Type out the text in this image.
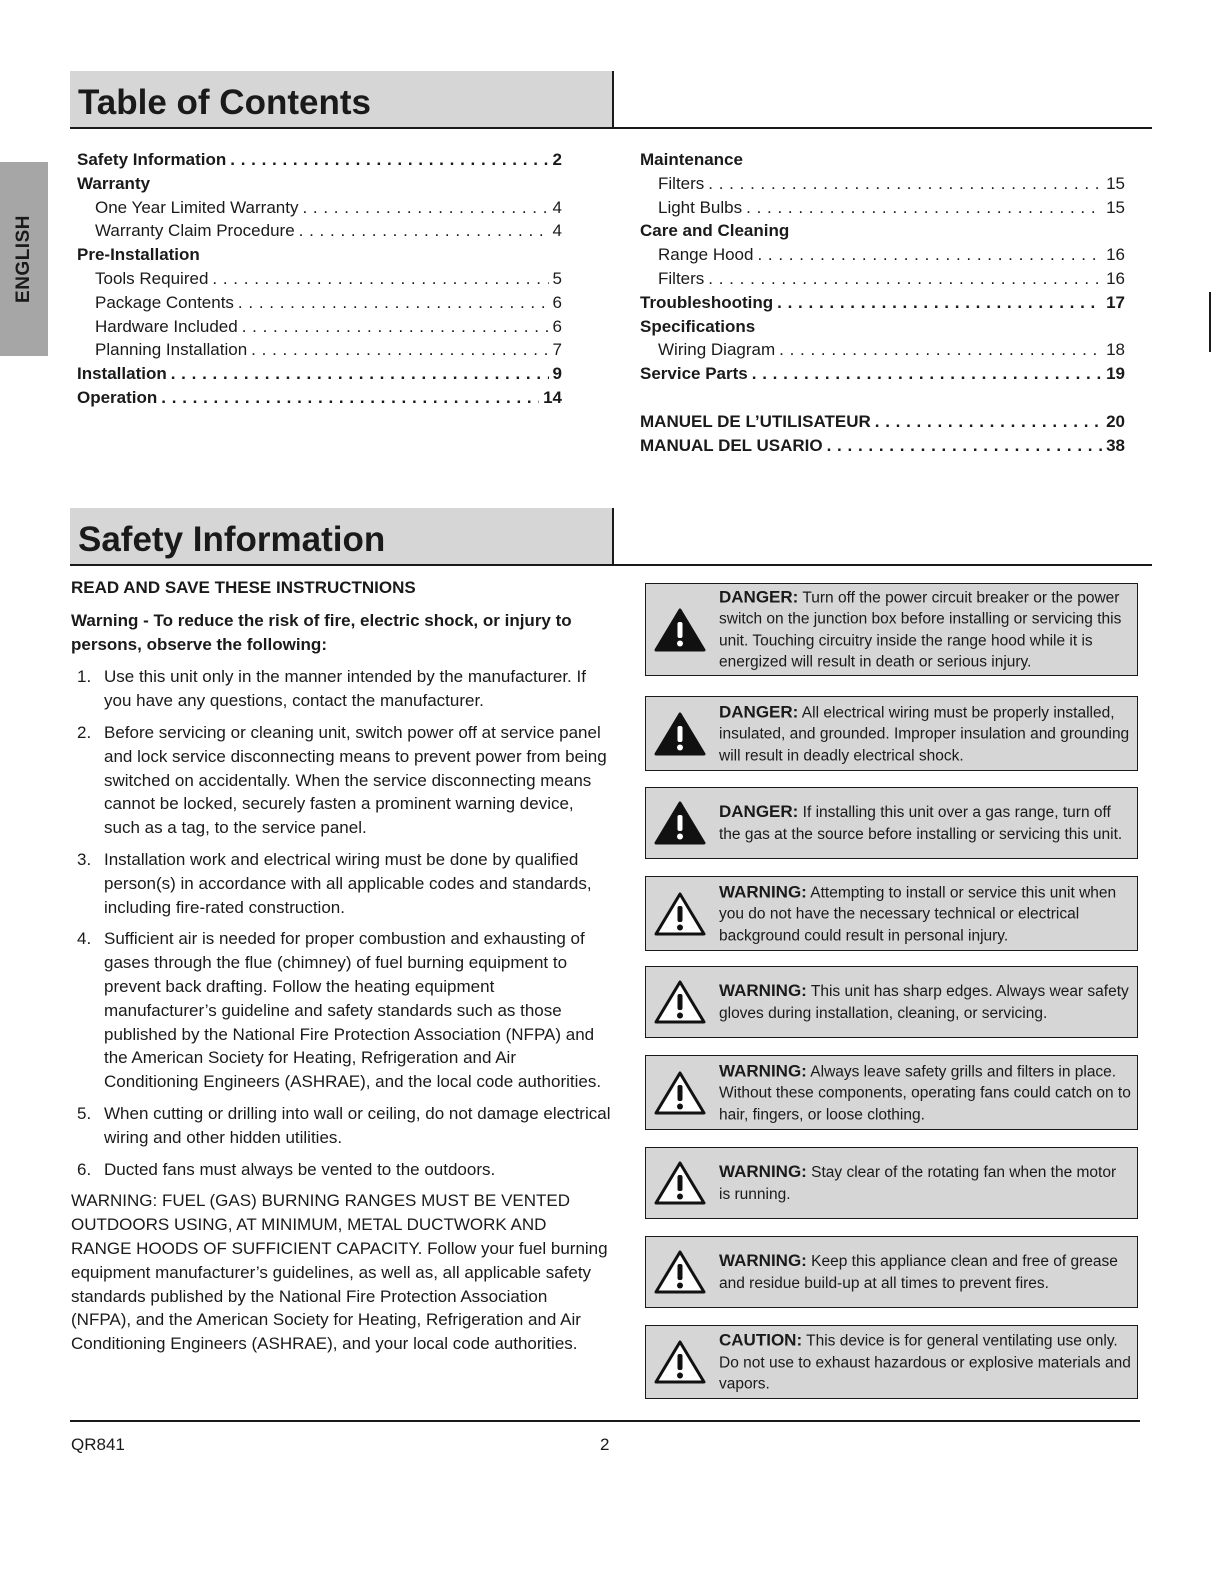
ENGLISH
Table of Contents
Safety Information . . .	2
Warranty
One Year Limited Warranty . . .	4
Warranty Claim Procedure . . .	4
Pre-Installation
Tools Required . . .	5
Package Contents . . .	6
Hardware Included . . .	6
Planning Installation . . .	7
Installation . . .	9
Operation . . .	14
Maintenance
Filters . . .	15
Light Bulbs . . .	15
Care and Cleaning
Range Hood . . .	16
Filters . . .	16
Troubleshooting . . .	17
Specifications
Wiring Diagram . . .	18
Service Parts . . .	19
MANUEL DE L’UTILISATEUR . . .	20
MANUAL DEL USARIO . . .	38
Safety Information

READ AND SAVE THESE INSTRUCTNIONS

Warning - To reduce the risk of fire, electric shock, or injury to persons, observe the following:

1. Use this unit only in the manner intended by the manufacturer. If you have any questions, contact the manufacturer.
2. Before servicing or cleaning unit, switch power off at service panel and lock service disconnecting means to prevent power from being switched on accidentally. When the service disconnecting means cannot be locked, securely fasten a prominent warning device, such as a tag, to the service panel.
3. Installation work and electrical wiring must be done by qualified person(s) in accordance with all applicable codes and standards, including fire-rated construction.
4. Sufficient air is needed for proper combustion and exhausting of gases through the flue (chimney) of fuel burning equipment to prevent back drafting. Follow the heating equipment manufacturer’s guideline and safety standards such as those published by the National Fire Protection Association (NFPA) and the American Society for Heating, Refrigeration and Air Conditioning Engineers (ASHRAE), and the local code authorities.
5. When cutting or drilling into wall or ceiling, do not damage electrical wiring and other hidden utilities.
6. Ducted fans must always be vented to the outdoors.

WARNING: FUEL (GAS) BURNING RANGES MUST BE VENTED OUTDOORS USING, AT MINIMUM, METAL DUCTWORK AND RANGE HOODS OF SUFFICIENT CAPACITY. Follow your fuel burning equipment manufacturer’s guidelines, as well as, all applicable safety standards published by the National Fire Protection Association (NFPA), and the American Society for Heating, Refrigeration and Air Conditioning Engineers (ASHRAE), and your local code authorities.

DANGER: Turn off the power circuit breaker or the power switch on the junction box before installing or servicing this unit. Touching circuitry inside the range hood while it is energized will result in death or serious injury.
DANGER: All electrical wiring must be properly installed, insulated, and grounded. Improper insulation and grounding will result in deadly electrical shock.
DANGER: If installing this unit over a gas range, turn off the gas at the source before installing or servicing this unit.
WARNING: Attempting to install or service this unit when you do not have the necessary technical or electrical background could result in personal injury.
WARNING: This unit has sharp edges. Always wear safety gloves during installation, cleaning, or servicing.
WARNING: Always leave safety grills and filters in place. Without these components, operating fans could catch on to hair, fingers, or loose clothing.
WARNING: Stay clear of the rotating fan when the motor is running.
WARNING: Keep this appliance clean and free of grease and residue build-up at all times to prevent fires.
CAUTION: This device is for general ventilating use only. Do not use to exhaust hazardous or explosive materials and vapors.
QR841	2
